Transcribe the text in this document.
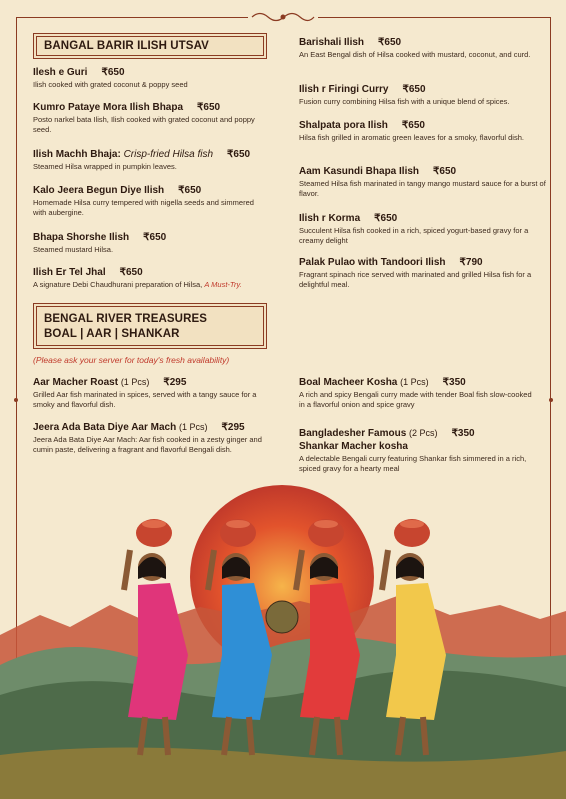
BANGAL BARIR ILISH UTSAV
Ilesh e Guri ₹650
Ilish cooked with grated coconut & poppy seed
Kumro Pataye Mora Ilish Bhapa ₹650
Posto narkel bata Ilish, Ilish cooked with grated coconut and poppy seed.
Ilish Machh Bhaja: Crisp-fried Hilsa fish ₹650
Steamed Hilsa wrapped in pumpkin leaves.
Kalo Jeera Begun Diye Ilish ₹650
Homemade Hilsa curry tempered with nigella seeds and simmered with aubergine.
Bhapa Shorshe Ilish ₹650
Steamed mustard Hilsa.
Ilish Er Tel Jhal ₹650
A signature Debi Chaudhurani preparation of Hilsa, A Must-Try.
Barishali Ilish ₹650
An East Bengal dish of Hilsa cooked with mustard, coconut, and curd.
Ilish r Firingi Curry ₹650
Fusion curry combining Hilsa fish with a unique blend of spices.
Shalpata pora Ilish ₹650
Hilsa fish grilled in aromatic green leaves for a smoky, flavorful dish.
Aam Kasundi Bhapa Ilish ₹650
Steamed Hilsa fish marinated in tangy mango mustard sauce for a burst of flavor.
Ilish r Korma ₹650
Succulent Hilsa fish cooked in a rich, spiced yogurt-based gravy for a creamy delight
Palak Pulao with Tandoori Ilish ₹790
Fragrant spinach rice served with marinated and grilled Hilsa fish for a delightful meal.
BENGAL RIVER TREASURES
BOAL | AAR | SHANKAR
(Please ask your server for today's fresh availability)
Aar Macher Roast (1 Pcs) ₹295
Grilled Aar fish marinated in spices, served with a tangy sauce for a smoky and flavorful dish.
Jeera Ada Bata Diye Aar Mach (1 Pcs) ₹295
Jeera Ada Bata Diye Aar Mach: Aar fish cooked in a zesty ginger and cumin paste, delivering a fragrant and flavorful Bengali dish.
Boal Macheer Kosha (1 Pcs) ₹350
A rich and spicy Bengali curry made with tender Boal fish slow-cooked in a flavorful onion and spice gravy
Bangladesher Famous (2 Pcs) ₹350
Shankar Macher kosha
A delectable Bengali curry featuring Shankar fish simmered in a rich, spiced gravy for a hearty meal
